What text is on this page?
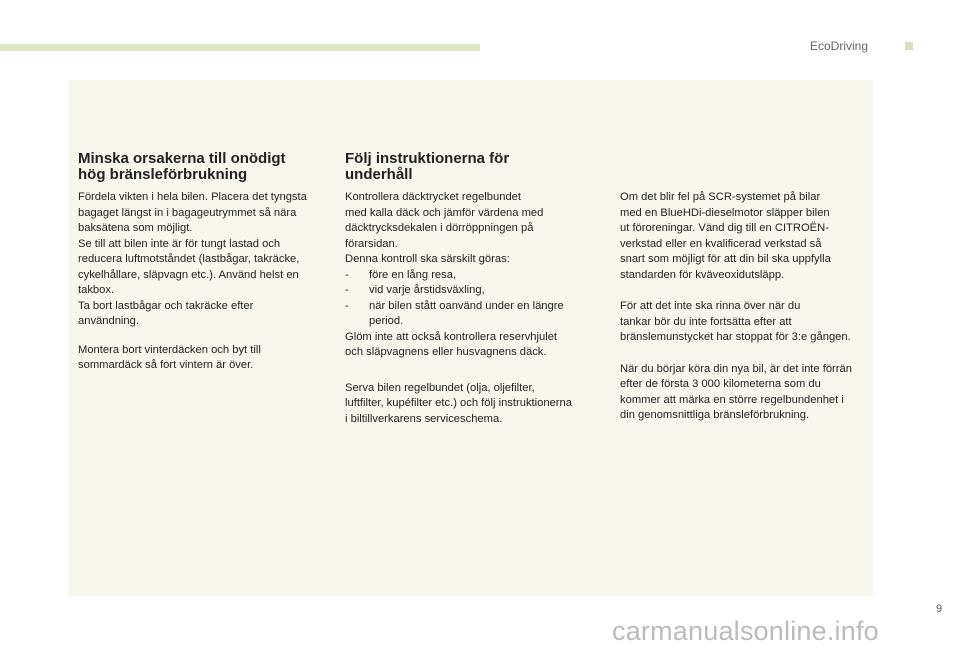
EcoDriving
Minska orsakerna till onödigt
hög bränsleförbrukning

Fördela vikten i hela bilen. Placera det tyngsta
bagaget längst in i bagageutrymmet så nära
baksätena som möjligt.
Se till att bilen inte är för tungt lastad och
reducera luftmotståndet (lastbågar, takräcke,
cykelhållare, släpvagn etc.). Använd helst en
takbox.
Ta bort lastbågar och takräcke efter
användning.

Montera bort vinterdäcken och byt till
sommardäck så fort vintern är över.

Följ instruktionerna för
underhåll
Kontrollera däcktrycket regelbundet
med kalla däck och jämför värdena med
däcktrycksdekalen i dörröppningen på
förarsidan.
Denna kontroll ska särskilt göras:
- före en lång resa,
- vid varje årstidsväxling,
- när bilen stått oanvänd under en längre
period.

Glöm inte att också kontrollera reservhjulet
och släpvagnens eller husvagnens däck.

Serva bilen regelbundet (olja, oljefilter,
luftfilter, kupéfilter etc.) och följ instruktionerna
i biltillverkarens serviceschema.

Om det blir fel på SCR-systemet på bilar
med en BlueHDi-dieselmotor släpper bilen
ut föroreningar. Vänd dig till en CITROËN-
verkstad eller en kvalificerad verkstad så
snart som möjligt för att din bil ska uppfylla
standarden för kväveoxidutsläpp.

För att det inte ska rinna över när du
tankar bör du inte fortsätta efter att
bränslemunstycket har stoppat för 3:e gången.

När du börjar köra din nya bil, är det inte förrän
efter de första 3 000 kilometerna som du
kommer att märka en större regelbundenhet i
din genomsnittliga bränsleförbrukning.

9
carmanualsonline.info
